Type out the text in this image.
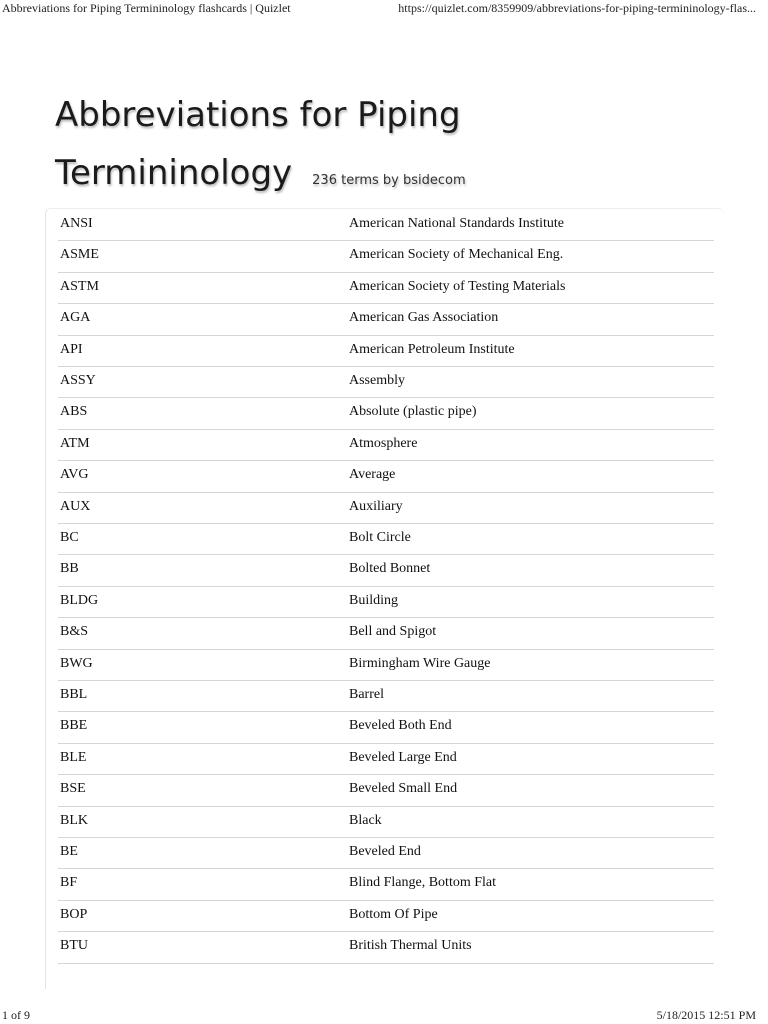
Abbreviations for Piping Termininology flashcards | Quizlet	https://quizlet.com/8359909/abbreviations-for-piping-termininology-flas...
Abbreviations for Piping
Termininology 236 terms by bsidecom
ANSI	American National Standards Institute
ASME	American Society of Mechanical Eng.
ASTM	American Society of Testing Materials
AGA	American Gas Association
API	American Petroleum Institute
ASSY	Assembly
ABS	Absolute (plastic pipe)
ATM	Atmosphere
AVG	Average
AUX	Auxiliary
BC	Bolt Circle
BB	Bolted Bonnet
BLDG	Building
B&S	Bell and Spigot
BWG	Birmingham Wire Gauge
BBL	Barrel
BBE	Beveled Both End
BLE	Beveled Large End
BSE	Beveled Small End
BLK	Black
BE	Beveled End
BF	Blind Flange, Bottom Flat
BOP	Bottom Of Pipe
BTU	British Thermal Units
1 of 9	5/18/2015 12:51 PM
